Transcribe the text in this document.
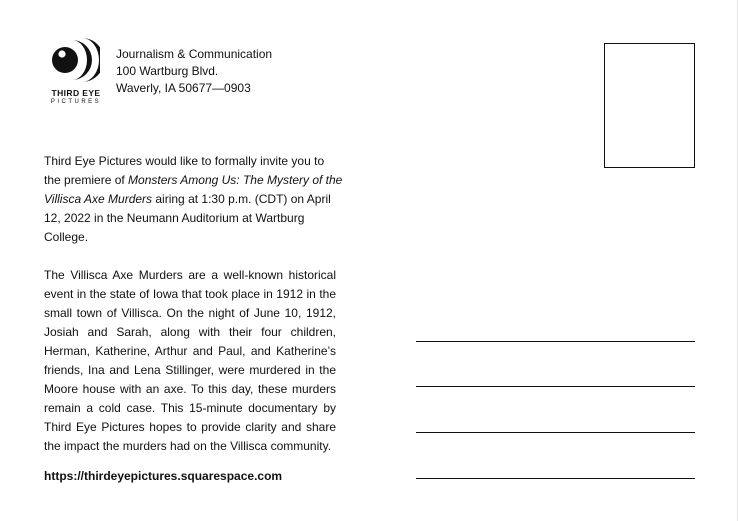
THIRD EYE
PICTURES
Journalism & Communication
100 Wartburg Blvd.
Waverly, IA 50677—0903

Third Eye Pictures would like to formally invite you to the premiere of Monsters Among Us: The Mystery of the Villisca Axe Murders airing at 1:30 p.m. (CDT) on April 12, 2022 in the Neumann Auditorium at Wartburg College.

The Villisca Axe Murders are a well-known historical event in the state of Iowa that took place in 1912 in the small town of Villisca. On the night of June 10, 1912, Josiah and Sarah, along with their four children, Herman, Katherine, Arthur and Paul, and Katherine’s friends, Ina and Lena Stillinger, were murdered in the Moore house with an axe. To this day, these murders remain a cold case. This 15-minute documentary by Third Eye Pictures hopes to provide clarity and share the impact the murders had on the Villisca community.

https://thirdeyepictures.squarespace.com
